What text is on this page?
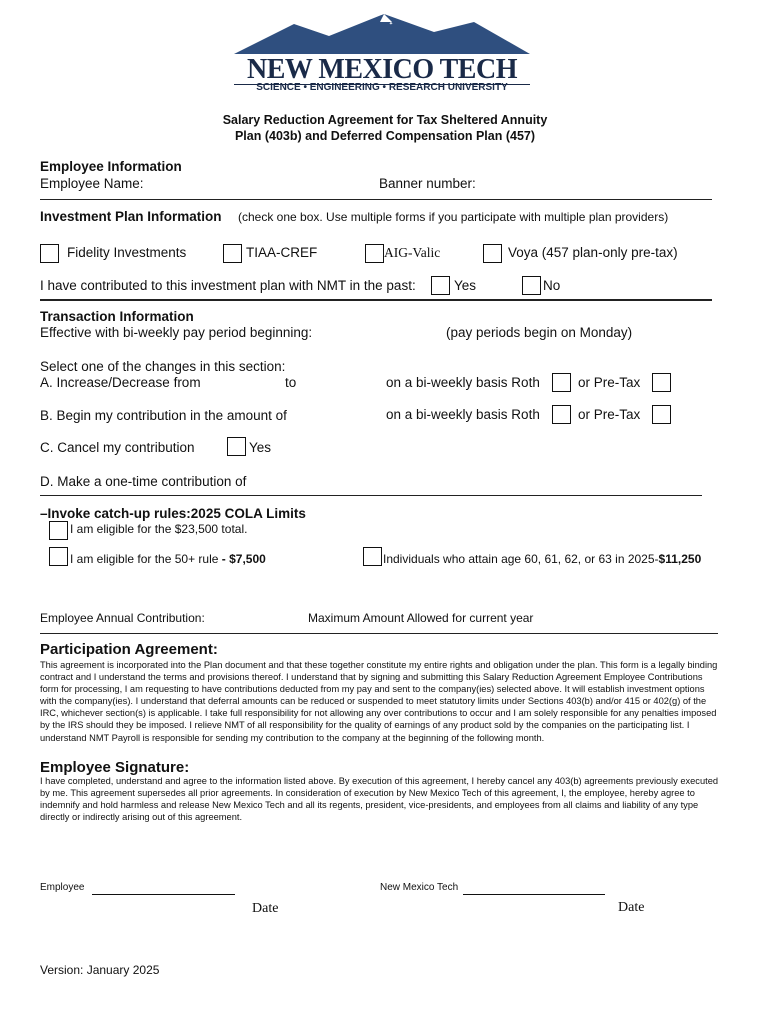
✦
NEW MEXICO TECH
SCIENCE • ENGINEERING • RESEARCH UNIVERSITY
Salary Reduction Agreement for Tax Sheltered Annuity
Plan (403b) and Deferred Compensation Plan (457)
Employee Information
Employee Name:	Banner number:
Investment Plan Information (check one box. Use multiple forms if you participate with multiple plan providers)
Fidelity Investments	TIAA-CREF	AIG-Valic	Voya (457 plan-only pre-tax)
I have contributed to this investment plan with NMT in the past:	Yes	No
Transaction Information
Effective with bi-weekly pay period beginning:	(pay periods begin on Monday)
Select one of the changes in this section:
A. Increase/Decrease from	to	on a bi-weekly basis Roth	or Pre-Tax
B. Begin my contribution in the amount of	on a bi-weekly basis Roth	or Pre-Tax
C. Cancel my contribution	Yes
D. Make a one-time contribution of
–Invoke catch-up rules:2025 COLA Limits
I am eligible for the $23,500 total.
I am eligible for the 50+ rule - $7,500	Individuals who attain age 60, 61, 62, or 63 in 2025-$11,250
Employee Annual Contribution:	Maximum Amount Allowed for current year
Participation Agreement:
This agreement is incorporated into the Plan document and that these together constitute my entire rights and obligation under the plan. This form is a legally binding contract and I understand the terms and provisions thereof. I understand that by signing and submitting this Salary Reduction Agreement Employee Contributions form for processing, I am requesting to have contributions deducted from my pay and sent to the company(ies) selected above. It will establish investment options with the company(ies). I understand that deferral amounts can be reduced or suspended to meet statutory limits under Sections 403(b) and/or 415 or 402(g) of the IRC, whichever section(s) is applicable. I take full responsibility for not allowing any over contributions to occur and I am solely responsible for any penalties imposed by the IRS should they be imposed. I relieve NMT of all responsibility for the quality of earnings of any product sold by the companies on the participating list. I understand NMT Payroll is responsible for sending my contribution to the company at the beginning of the following month.
Employee Signature:
I have completed, understand and agree to the information listed above. By execution of this agreement, I hereby cancel any 403(b) agreements previously executed by me. This agreement supersedes all prior agreements. In consideration of execution by New Mexico Tech of this agreement, I, the employee, hereby agree to indemnify and hold harmless and release New Mexico Tech and all its regents, president, vice-presidents, and employees from all claims and liability of any type directly or indirectly arising out of this agreement.
Employee	New Mexico Tech
Date	Date
Version: January 2025
